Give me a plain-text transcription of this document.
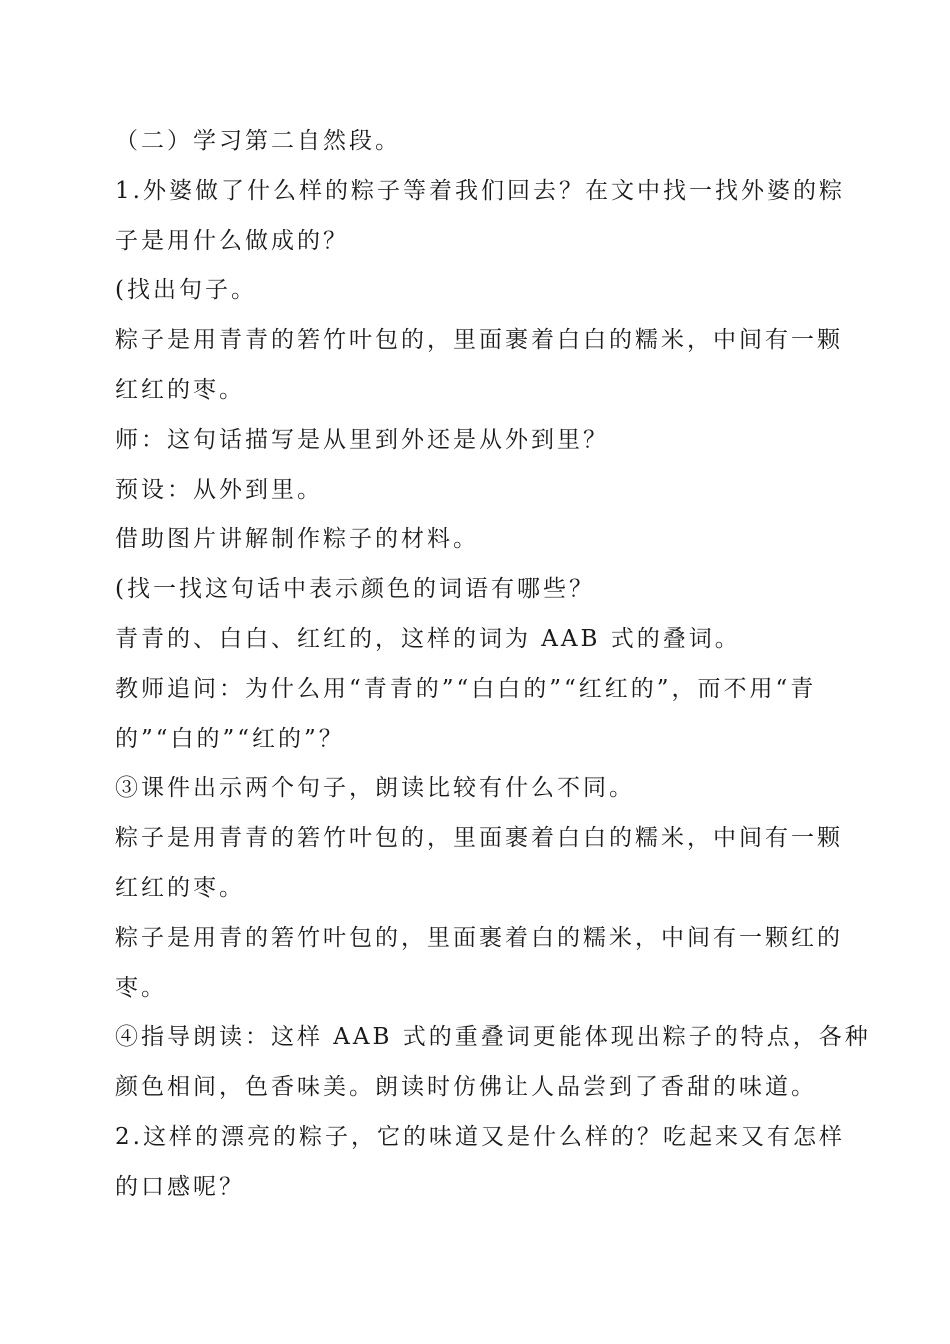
（二）学习第二自然段。
1.外婆做了什么样的粽子等着我们回去？在文中找一找外婆的粽
子是用什么做成的？
(找出句子。
粽子是用青青的箬竹叶包的，里面裹着白白的糯米，中间有一颗
红红的枣。
师：这句话描写是从里到外还是从外到里？
预设：从外到里。
借助图片讲解制作粽子的材料。
(找一找这句话中表示颜色的词语有哪些？
青青的、白白、红红的，这样的词为 AAB 式的叠词。
教师追问：为什么用“青青的”“白白的”“红红的”，而不用“青
的”“白的”“红的”？
③课件出示两个句子，朗读比较有什么不同。
粽子是用青青的箬竹叶包的，里面裹着白白的糯米，中间有一颗
红红的枣。
粽子是用青的箬竹叶包的，里面裹着白的糯米，中间有一颗红的
枣。
④指导朗读：这样 AAB 式的重叠词更能体现出粽子的特点，各种
颜色相间，色香味美。朗读时仿佛让人品尝到了香甜的味道。
2.这样的漂亮的粽子，它的味道又是什么样的？吃起来又有怎样
的口感呢？
